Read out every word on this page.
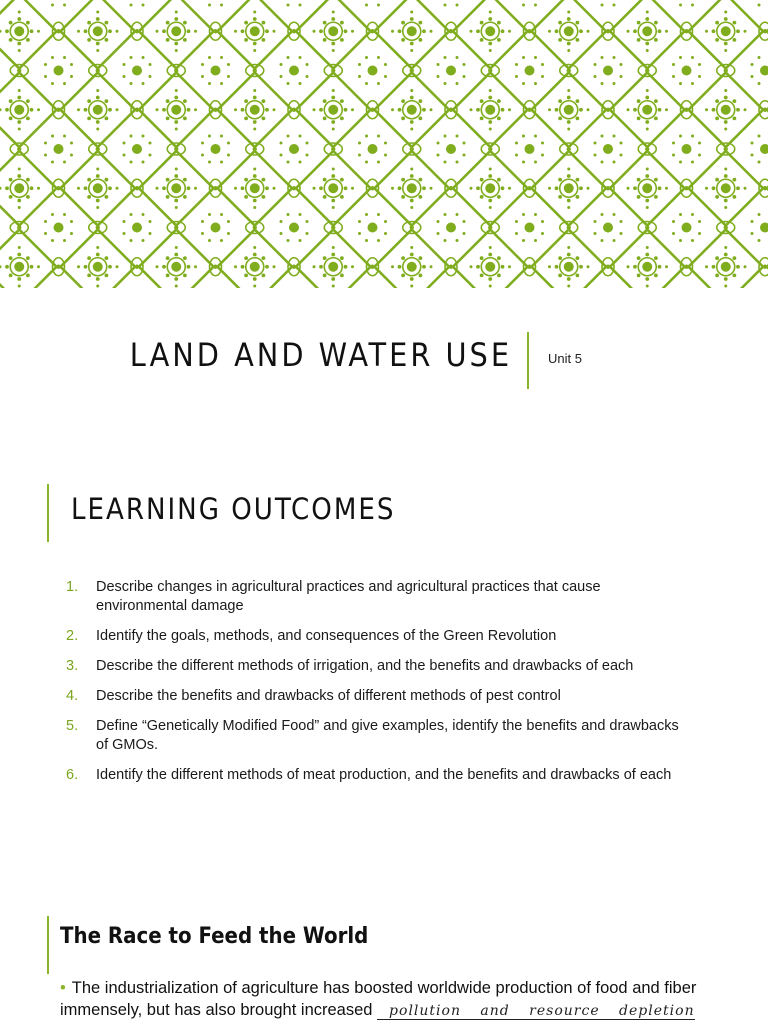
LAND AND WATER USE	Unit 5
LEARNING OUTCOMES
1. Describe changes in agricultural practices and agricultural practices that cause environmental damage
2. Identify the goals, methods, and consequences of the Green Revolution
3. Describe the different methods of irrigation, and the benefits and drawbacks of each
4. Describe the benefits and drawbacks of different methods of pest control
5. Define “Genetically Modified Food” and give examples, identify the benefits and drawbacks of GMOs.
6. Identify the different methods of meat production, and the benefits and drawbacks of each
The Race to Feed the World
• The industrialization of agriculture has boosted worldwide production of food and fiber immensely, but has also brought increased pollution and resource depletion
